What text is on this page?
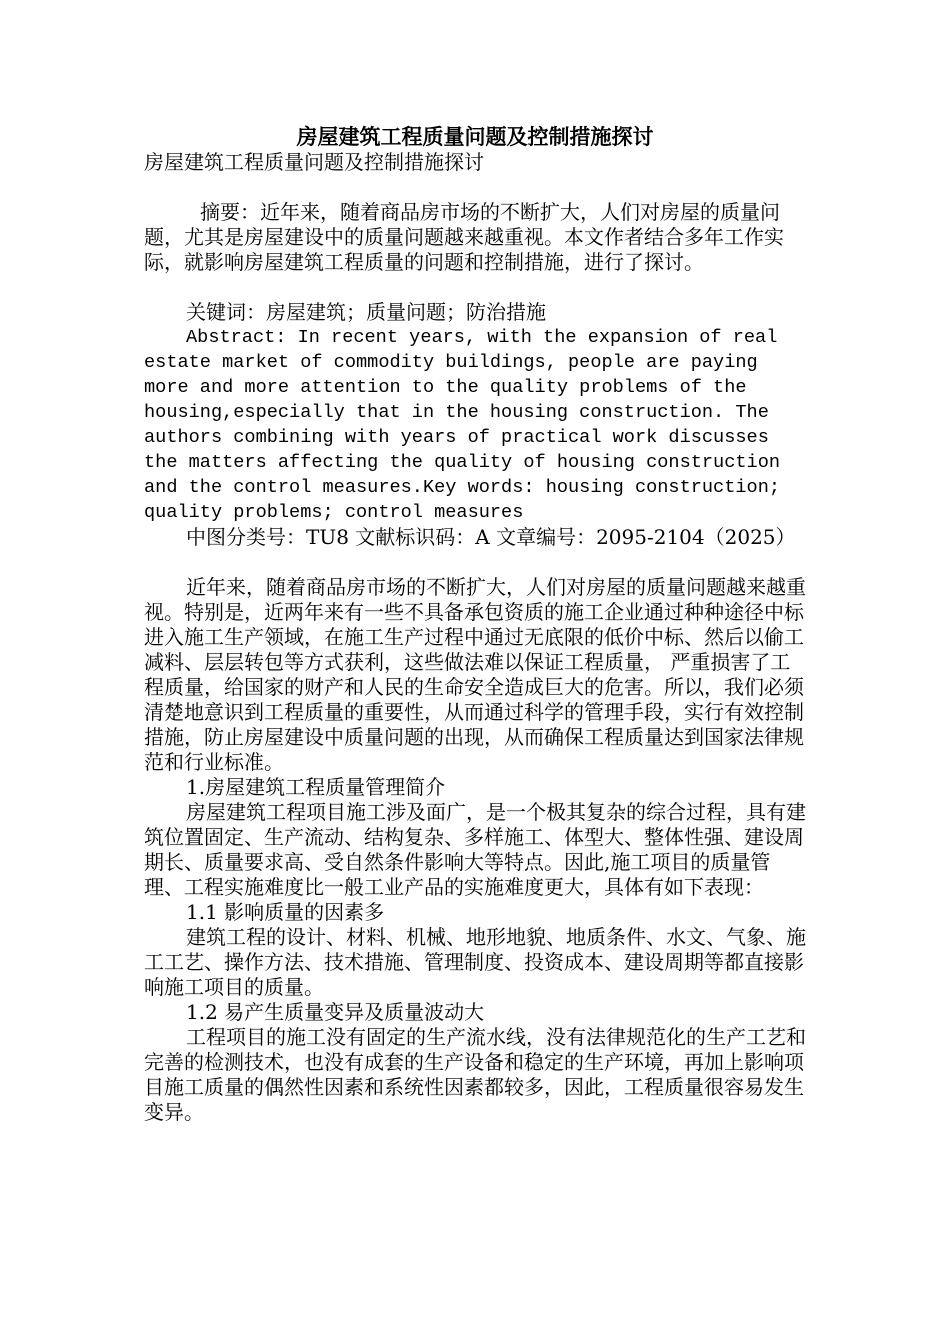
房屋建筑工程质量问题及控制措施探讨

房屋建筑工程质量问题及控制措施探讨

摘要：近年来，随着商品房市场的不断扩大，人们对房屋的质量问题，尤其是房屋建设中的质量问题越来越重视。本文作者结合多年工作实际，就影响房屋建筑工程质量的问题和控制措施，进行了探讨。

关键词：房屋建筑；质量问题；防治措施

Abstract: In recent years, with the expansion of real estate market of commodity buildings, people are paying more and more attention to the quality problems of the housing,especially that in the housing construction. The authors combining with years of practical work discusses the matters affecting the quality of housing construction and the control measures.Key words: housing construction; quality problems; control measures

中图分类号：TU8 文献标识码：A 文章编号：2095-2104（2025）

近年来，随着商品房市场的不断扩大，人们对房屋的质量问题越来越重视。特别是，近两年来有一些不具备承包资质的施工企业通过种种途径中标进入施工生产领域，在施工生产过程中通过无底限的低价中标、然后以偷工减料、层层转包等方式获利，这些做法难以保证工程质量， 严重损害了工程质量，给国家的财产和人民的生命安全造成巨大的危害。所以，我们必须清楚地意识到工程质量的重要性，从而通过科学的管理手段，实行有效控制措施，防止房屋建设中质量问题的出现，从而确保工程质量达到国家法律规范和行业标准。

1.房屋建筑工程质量管理简介

房屋建筑工程项目施工涉及面广，是一个极其复杂的综合过程，具有建筑位置固定、生产流动、结构复杂、多样施工、体型大、整体性强、建设周期长、质量要求高、受自然条件影响大等特点。因此,施工项目的质量管理、工程实施难度比一般工业产品的实施难度更大，具体有如下表现：

1.1 影响质量的因素多

建筑工程的设计、材料、机械、地形地貌、地质条件、水文、气象、施工工艺、操作方法、技术措施、管理制度、投资成本、建设周期等都直接影响施工项目的质量。

1.2 易产生质量变异及质量波动大

工程项目的施工没有固定的生产流水线，没有法律规范化的生产工艺和完善的检测技术，也没有成套的生产设备和稳定的生产环境，再加上影响项目施工质量的偶然性因素和系统性因素都较多，因此，工程质量很容易发生变异。
